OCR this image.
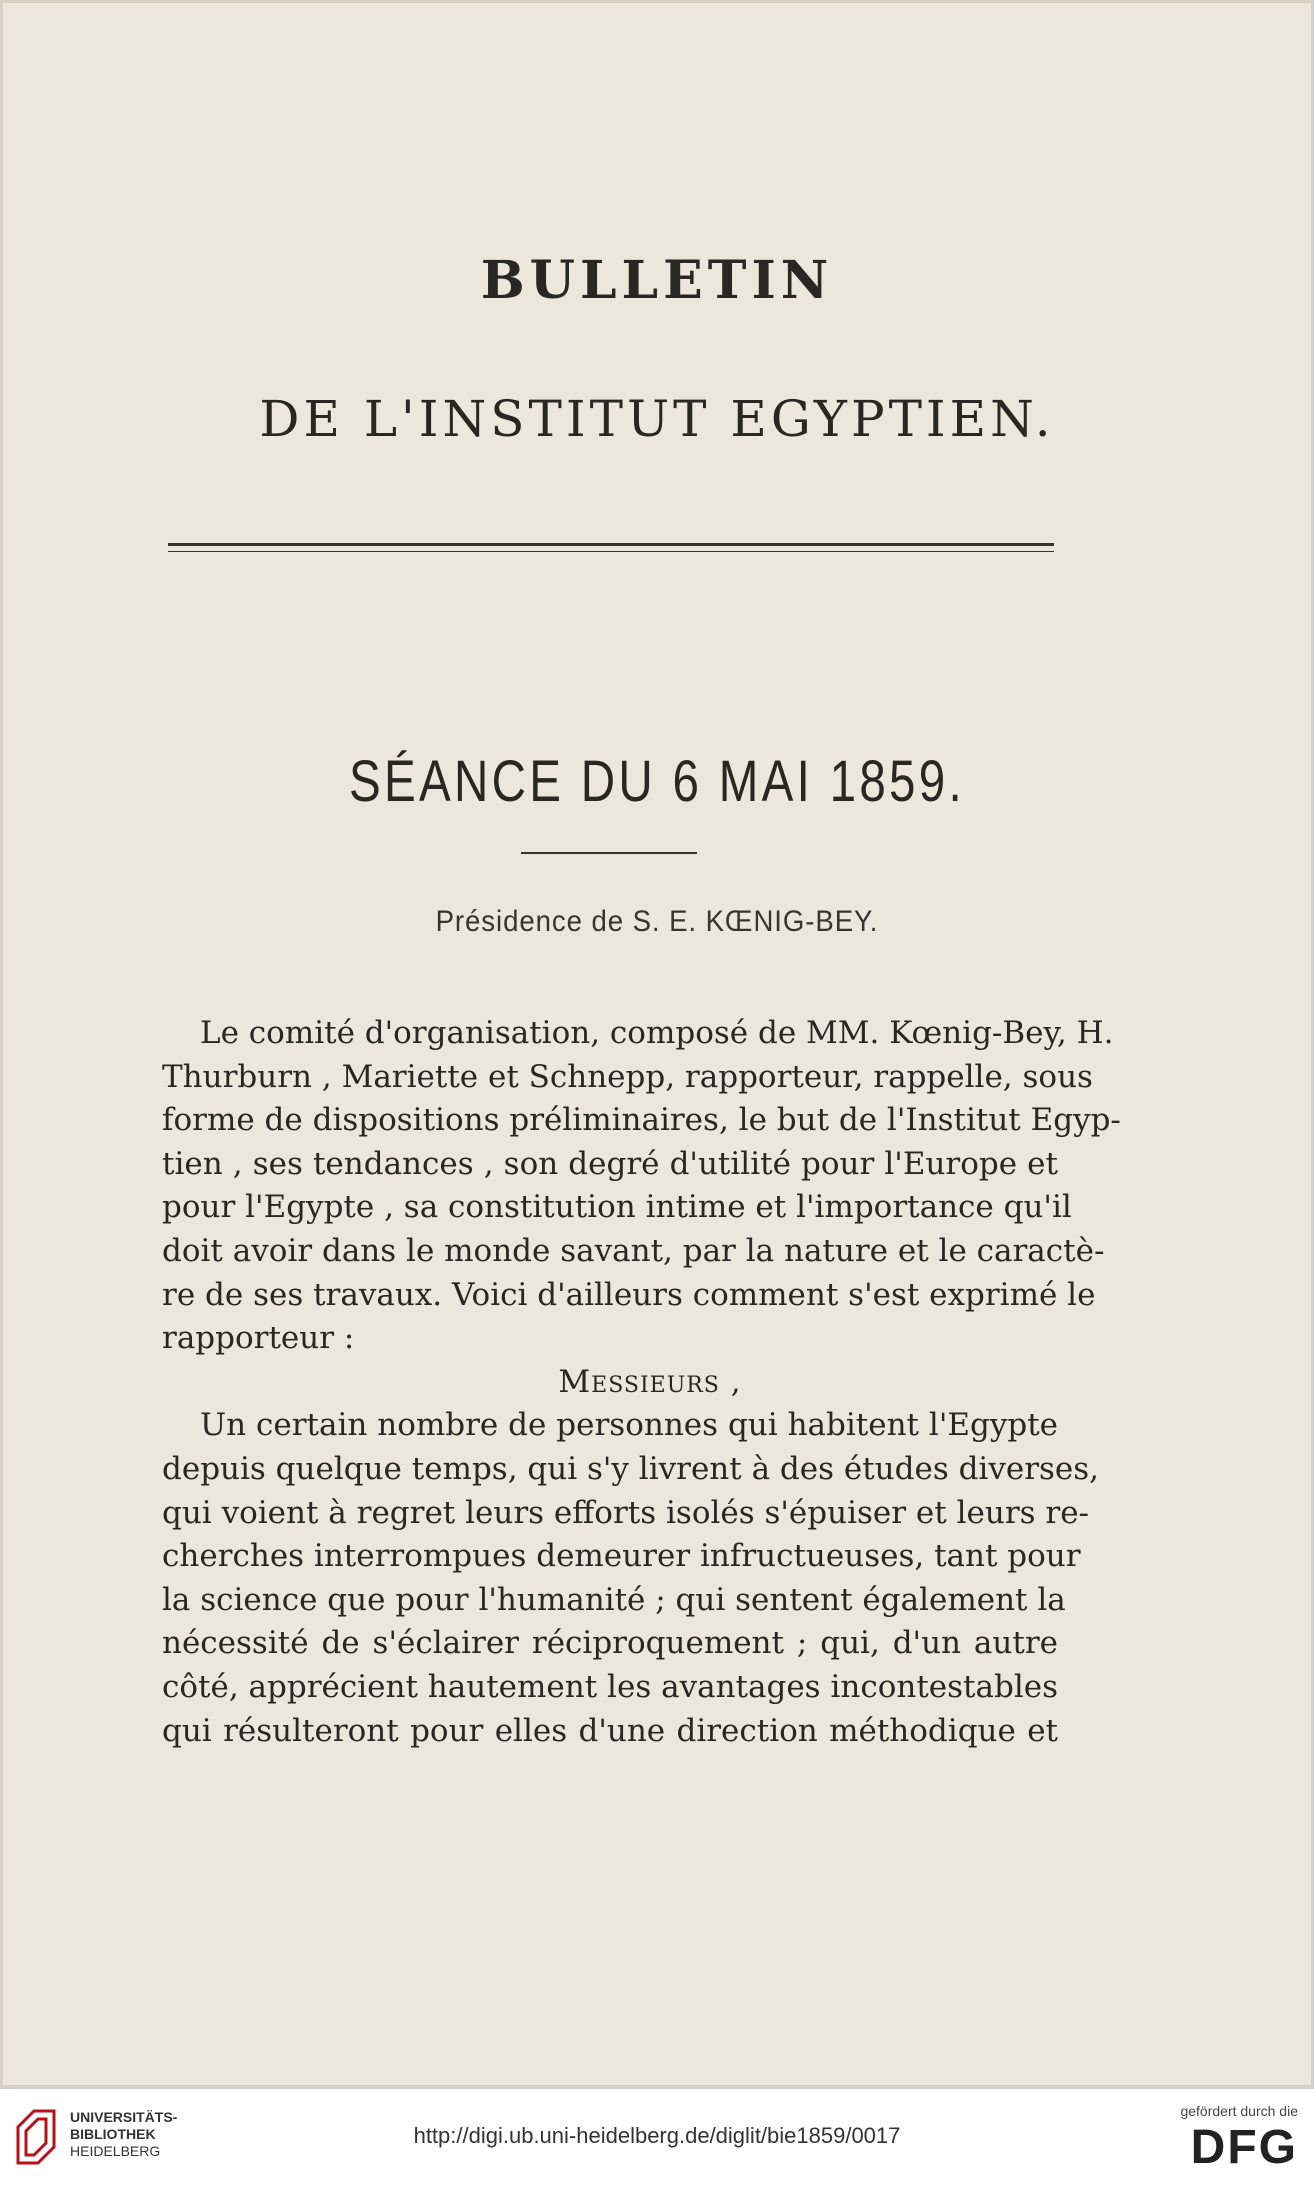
BULLETIN
DE L'INSTITUT EGYPTIEN.
SÉANCE DU 6 MAI 1859.
Présidence de S. E. KŒNIG-BEY.
Le comité d'organisation, composé de MM. Kœnig-Bey, H.
Thurburn , Mariette et Schnepp, rapporteur, rappelle, sous
forme de dispositions préliminaires, le but de l'Institut Egyp-
tien , ses tendances , son degré d'utilité pour l'Europe et
pour l'Egypte , sa constitution intime et l'importance qu'il
doit avoir dans le monde savant, par la nature et le caractè-
re de ses travaux. Voici d'ailleurs comment s'est exprimé le
rapporteur :
Messieurs ,
Un certain nombre de personnes qui habitent l'Egypte
depuis quelque temps, qui s'y livrent à des études diverses,
qui voient à regret leurs efforts isolés s'épuiser et leurs re-
cherches interrompues demeurer infructueuses, tant pour
la science que pour l'humanité ; qui sentent également la
nécessité de s'éclairer réciproquement ; qui, d'un autre
côté, apprécient hautement les avantages incontestables
qui résulteront pour elles d'une direction méthodique et
UNIVERSITÄTS-
BIBLIOTHEK
HEIDELBERG
http://digi.ub.uni-heidelberg.de/diglit/bie1859/0017
gefördert durch die
DFG
